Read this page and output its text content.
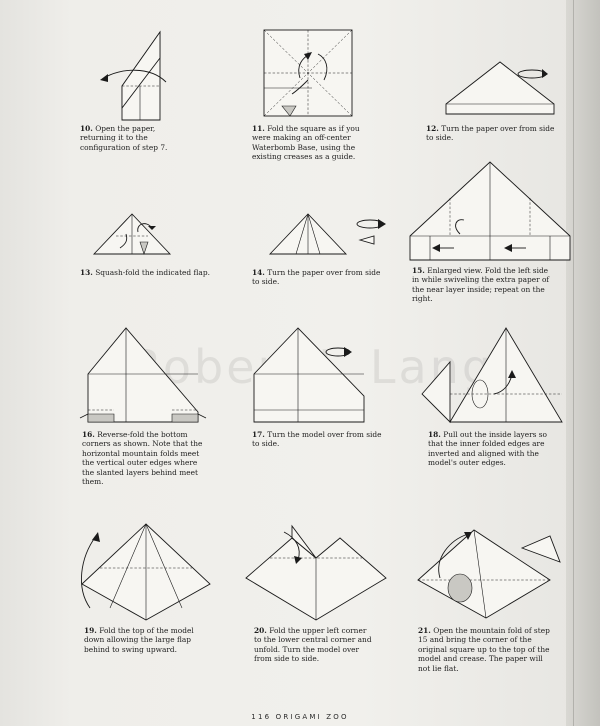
Robert Lang

10. Open the paper, returning it to the configuration of step 7.

11. Fold the square as if you were making an off-center Waterbomb Base, using the existing creases as a guide.

12. Turn the paper over from side to side.

13. Squash-fold the indicated flap.	14. Turn the paper over from side to side.

15. Enlarged view. Fold the left side in while swiveling the extra paper of the near layer inside; repeat on the right.

16. Reverse-fold the bottom corners as shown. Note that the horizontal mountain folds meet the vertical outer edges where the slanted layers behind meet them.

17. Turn the model over from side to side.

18. Pull out the inside layers so that the inner folded edges are inverted and aligned with the model's outer edges.

19. Fold the top of the model down allowing the large flap behind to swing upward.

20. Fold the upper left corner to the lower central corner and unfold. Turn the model over from side to side.

21. Open the mountain fold of step 15 and bring the corner of the original square up to the top of the model and crease. The paper will not lie flat.

116 ORIGAMI ZOO
